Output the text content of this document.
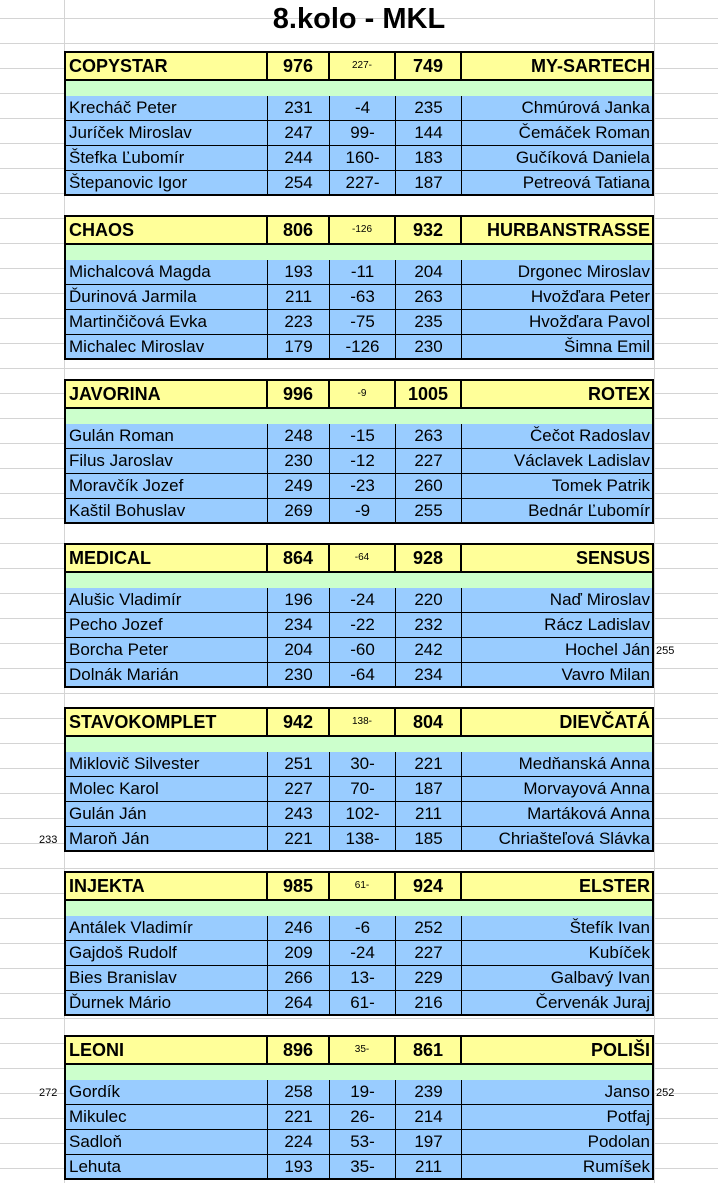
8.kolo - MKL
COPYSTAR	976	227-	749	MY-SARTECH
Krecháč Peter	231	-4	235	Chmúrová Janka
Juríček Miroslav	247	99-	144	Čemáček Roman
Štefka Ľubomír	244	160-	183	Gučíková Daniela
Štepanovic Igor	254	227-	187	Petreová Tatiana
CHAOS	806	-126	932	HURBANSTRASSE
Michalcová Magda	193	-11	204	Drgonec Miroslav
Ďurinová Jarmila	211	-63	263	Hvožďara Peter
Martinčičová Evka	223	-75	235	Hvožďara Pavol
Michalec Miroslav	179	-126	230	Šimna Emil
JAVORINA	996	-9	1005	ROTEX
Gulán Roman	248	-15	263	Čečot Radoslav
Filus Jaroslav	230	-12	227	Václavek Ladislav
Moravčík Jozef	249	-23	260	Tomek Patrik
Kaštil Bohuslav	269	-9	255	Bednár Ľubomír
MEDICAL	864	-64	928	SENSUS
Alušic Vladimír	196	-24	220	Naď Miroslav
Pecho Jozef	234	-22	232	Rácz Ladislav
Borcha Peter	204	-60	242	Hochel Ján
Dolnák Marián	230	-64	234	Vavro Milan
STAVOKOMPLET	942	138-	804	DIEVČATÁ
Miklovič Silvester	251	30-	221	Medňanská Anna
Molec Karol	227	70-	187	Morvayová Anna
Gulán Ján	243	102-	211	Martáková Anna
Maroň Ján	221	138-	185	Chriašteľová Slávka
INJEKTA	985	61-	924	ELSTER
Antálek Vladimír	246	-6	252	Štefík Ivan
Gajdoš Rudolf	209	-24	227	Kubíček
Bies Branislav	266	13-	229	Galbavý Ivan
Ďurnek Mário	264	61-	216	Červenák Juraj
LEONI	896	35-	861	POLIŠI
Gordík	258	19-	239	Janso
Mikulec	221	26-	214	Potfaj
Sadloň	224	53-	197	Podolan
Lehuta	193	35-	211	Rumíšek
255
233
272	252
